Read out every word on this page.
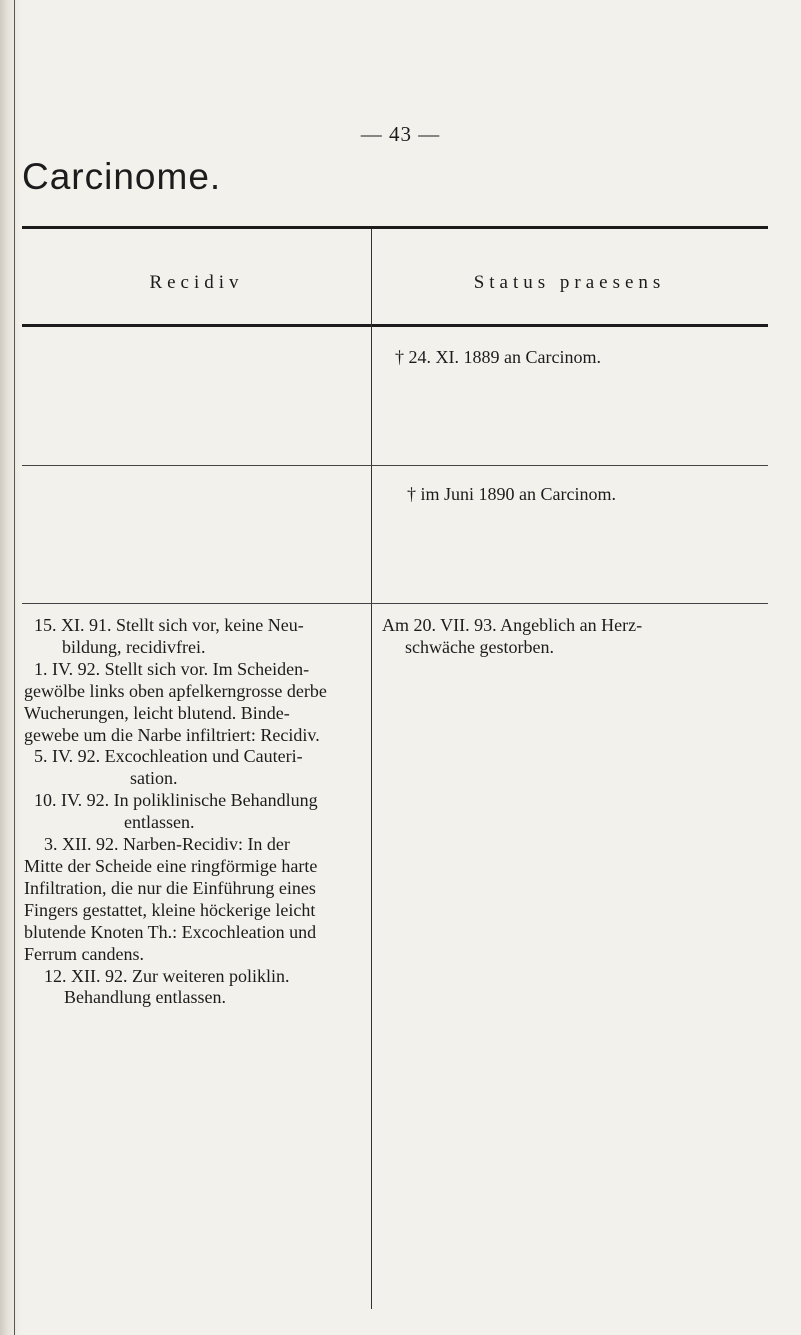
— 43 —
Carcinome.
Recidiv	Status praesens
† 24. XI. 1889 an Carcinom.
† im Juni 1890 an Carcinom.

15. XI. 91. Stellt sich vor, keine Neu-

bildung, recidivfrei.

1. IV. 92. Stellt sich vor. Im Scheiden-

gewölbe links oben apfelkerngrosse derbe

Wucherungen, leicht blutend. Binde-

gewebe um die Narbe infiltriert: Recidiv.

5. IV. 92. Excochleation und Cauteri-

sation.

10. IV. 92. In poliklinische Behandlung

entlassen.

3. XII. 92. Narben-Recidiv: In der

Mitte der Scheide eine ringförmige harte

Infiltration, die nur die Einführung eines

Fingers gestattet, kleine höckerige leicht

blutende Knoten Th.: Excochleation und

Ferrum candens.

12. XII. 92. Zur weiteren poliklin.

Behandlung entlassen.

Am 20. VII. 93. Angeblich an Herz-
schwäche gestorben.
